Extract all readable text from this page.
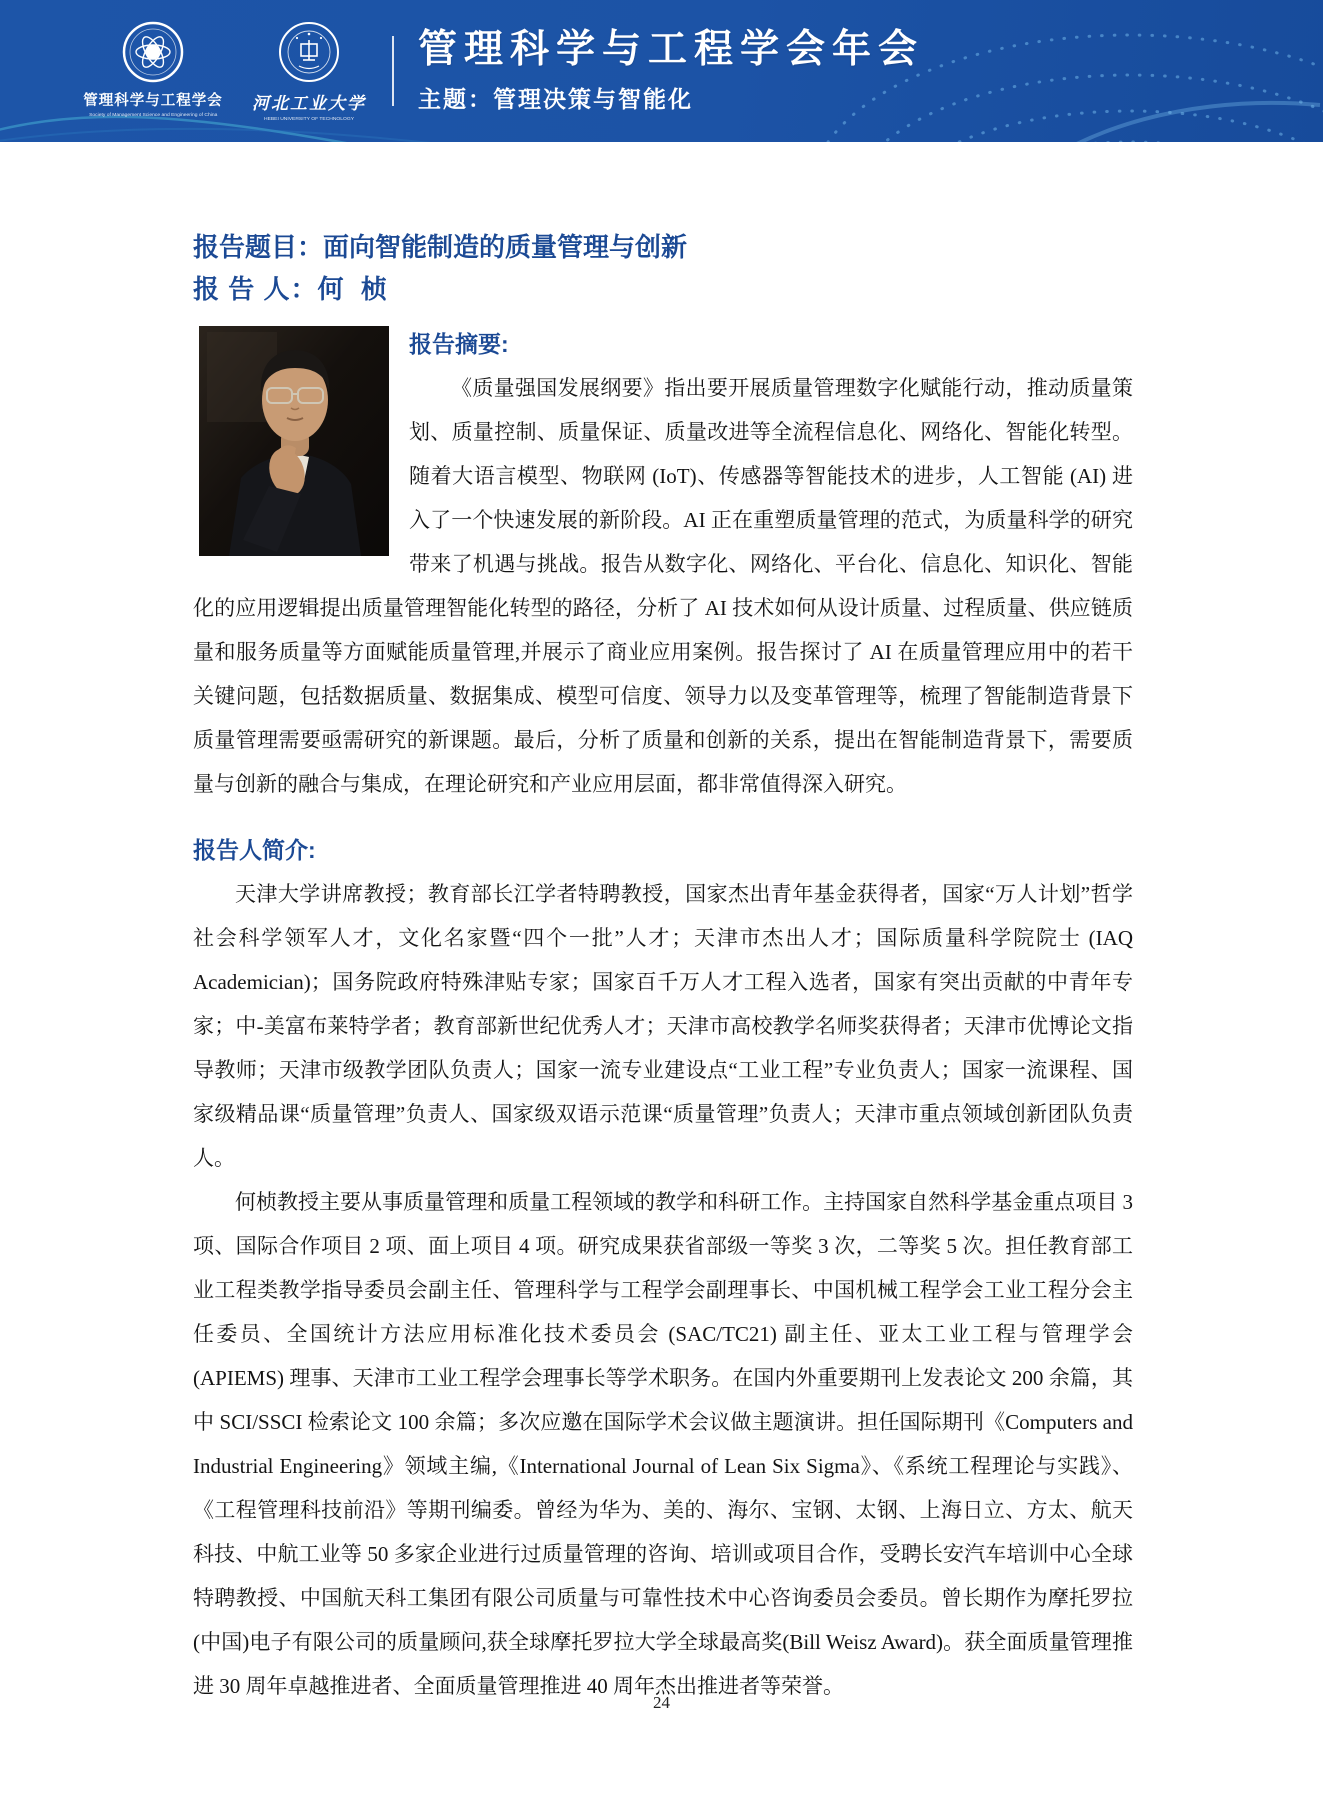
管理科学与工程学会
Society of Management Science and Engineering of China
河北工业大学
HEBEI UNIVERSITY OF TECHNOLOGY
管理科学与工程学会年会
主题：管理决策与智能化
报告题目：面向智能制造的质量管理与创新
报 告 人：何  桢
报告摘要:

《质量强国发展纲要》指出要开展质量管理数字化赋能行动，推动质量策划、质量控制、质量保证、质量改进等全流程信息化、网络化、智能化转型。随着大语言模型、物联网 (IoT)、传感器等智能技术的进步，人工智能 (AI) 进入了一个快速发展的新阶段。AI 正在重塑质量管理的范式，为质量科学的研究带来了机遇与挑战。报告从数字化、网络化、平台化、信息化、知识化、智能化的应用逻辑提出质量管理智能化转型的路径，分析了 AI 技术如何从设计质量、过程质量、供应链质量和服务质量等方面赋能质量管理,并展示了商业应用案例。报告探讨了 AI 在质量管理应用中的若干关键问题，包括数据质量、数据集成、模型可信度、领导力以及变革管理等，梳理了智能制造背景下质量管理需要亟需研究的新课题。最后，分析了质量和创新的关系，提出在智能制造背景下，需要质量与创新的融合与集成，在理论研究和产业应用层面，都非常值得深入研究。

报告人简介:

天津大学讲席教授；教育部长江学者特聘教授，国家杰出青年基金获得者，国家“万人计划”哲学社会科学领军人才，文化名家暨“四个一批”人才；天津市杰出人才；国际质量科学院院士 (IAQ Academician)；国务院政府特殊津贴专家；国家百千万人才工程入选者，国家有突出贡献的中青年专家；中-美富布莱特学者；教育部新世纪优秀人才；天津市高校教学名师奖获得者；天津市优博论文指导教师；天津市级教学团队负责人；国家一流专业建设点“工业工程”专业负责人；国家一流课程、国家级精品课“质量管理”负责人、国家级双语示范课“质量管理”负责人；天津市重点领域创新团队负责人。

何桢教授主要从事质量管理和质量工程领域的教学和科研工作。主持国家自然科学基金重点项目 3 项、国际合作项目 2 项、面上项目 4 项。研究成果获省部级一等奖 3 次，二等奖 5 次。担任教育部工业工程类教学指导委员会副主任、管理科学与工程学会副理事长、中国机械工程学会工业工程分会主任委员、全国统计方法应用标准化技术委员会 (SAC/TC21) 副主任、亚太工业工程与管理学会 (APIEMS) 理事、天津市工业工程学会理事长等学术职务。在国内外重要期刊上发表论文 200 余篇，其中 SCI/SSCI 检索论文 100 余篇；多次应邀在国际学术会议做主题演讲。担任国际期刊《Computers and Industrial Engineering》领域主编,《International Journal of Lean Six Sigma》、《系统工程理论与实践》、《工程管理科技前沿》等期刊编委。曾经为华为、美的、海尔、宝钢、太钢、上海日立、方太、航天科技、中航工业等 50 多家企业进行过质量管理的咨询、培训或项目合作，受聘长安汽车培训中心全球特聘教授、中国航天科工集团有限公司质量与可靠性技术中心咨询委员会委员。曾长期作为摩托罗拉(中国)电子有限公司的质量顾问,获全球摩托罗拉大学全球最高奖(Bill Weisz Award)。获全面质量管理推进 30 周年卓越推进者、全面质量管理推进 40 周年杰出推进者等荣誉。

24
